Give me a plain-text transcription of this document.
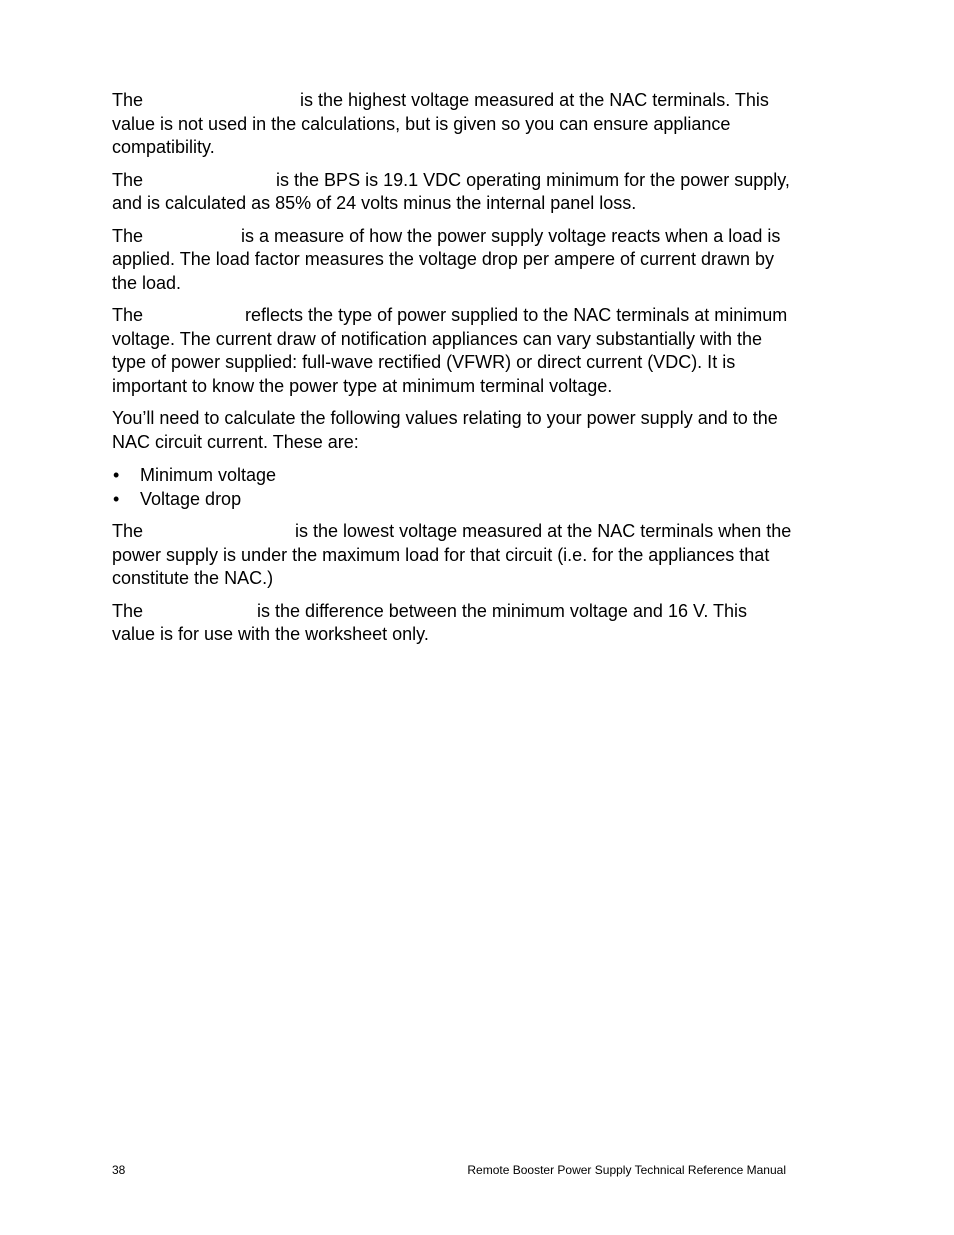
The	is the highest voltage measured at the NAC terminals. This value is not used in the calculations, but is given so you can ensure appliance compatibility.

The	is the BPS is 19.1 VDC operating minimum for the power supply, and is calculated as 85% of 24 volts minus the internal panel loss.

The	is a measure of how the power supply voltage reacts when a load is applied. The load factor measures the voltage drop per ampere of current drawn by the load.

The	reflects the type of power supplied to the NAC terminals at minimum voltage. The current draw of notification appliances can vary substantially with the type of power supplied: full-wave rectified (VFWR) or direct current (VDC). It is important to know the power type at minimum terminal voltage.

You’ll need to calculate the following values relating to your power supply and to the NAC circuit current. These are:

• Minimum voltage
• Voltage drop

The	is the lowest voltage measured at the NAC terminals when the power supply is under the maximum load for that circuit (i.e. for the appliances that constitute the NAC.)

The	is the difference between the minimum voltage and 16 V. This value is for use with the worksheet only.

38	Remote Booster Power Supply Technical Reference Manual
